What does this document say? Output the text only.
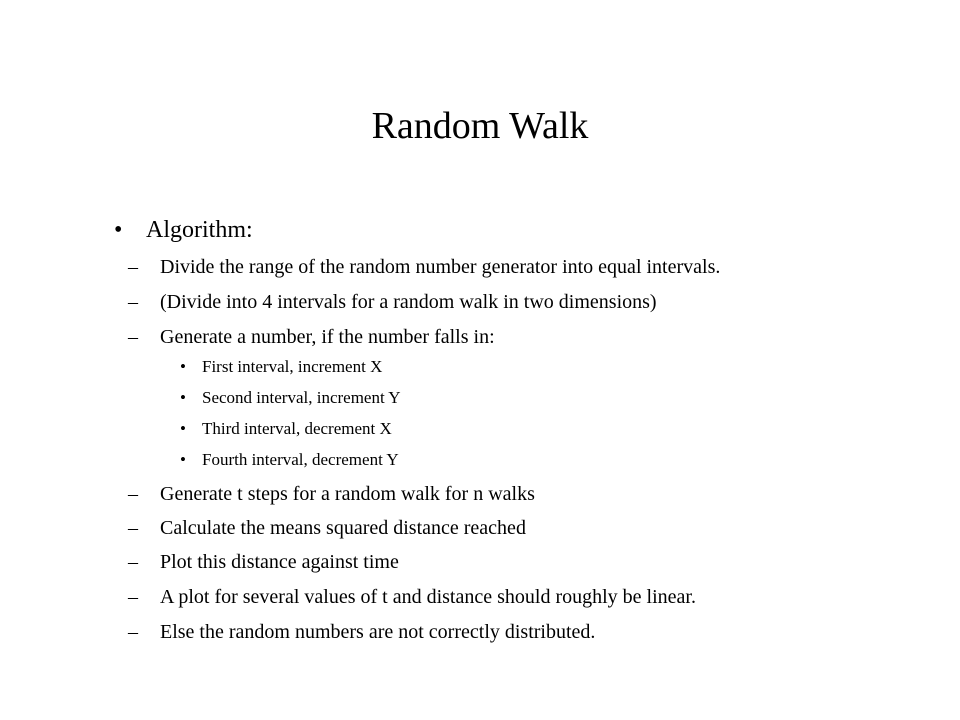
Random Walk
• Algorithm:
– Divide the range of the random number generator into equal intervals.
– (Divide into 4 intervals for a random walk in two dimensions)
– Generate a number, if the number falls in:
• First interval, increment X
• Second interval, increment Y
• Third interval, decrement X
• Fourth interval, decrement Y
– Generate t steps for a random walk for n walks
– Calculate the means squared distance reached
– Plot this distance against time
– A plot for several values of t and distance should roughly be linear.
– Else the random numbers are not correctly distributed.
